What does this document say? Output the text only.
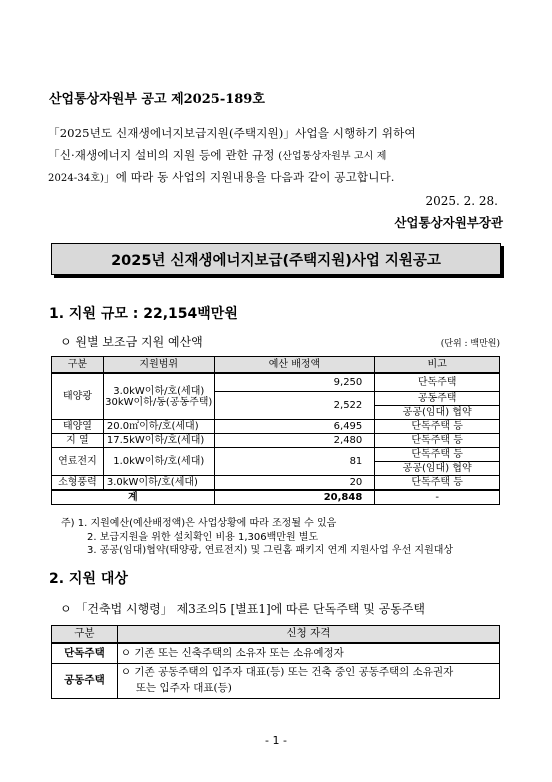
산업통상자원부 공고 제2025-189호
「2025년도 신재생에너지보급지원(주택지원)」사업을 시행하기 위하여
「신·재생에너지 설비의 지원 등에 관한 규정 (산업통상자원부 고시 제
2024-34호)」에 따라 동 사업의 지원내용을 다음과 같이 공고합니다.
2025. 2. 28.
산업통상자원부장관
2025년 신재생에너지보급(주택지원)사업 지원공고
1. 지원 규모 : 22,154백만원
ㅇ 원별 보조금 지원 예산액	(단위 : 백만원)
구분	지원범위	예산 배정액	비고
태양광	3.0kW이하/호(세대)
30kW이하/동(공동주택)	9,250	단독주택
		2,522	공동주택
			공공(임대) 협약
태양열	20.0㎡이하/호(세대)	6,495	단독주택 등
지 열	17.5kW이하/호(세대)	2,480	단독주택 등
연료전지	1.0kW이하/호(세대)	81	단독주택 등
			공공(임대) 협약
소형풍력	3.0kW이하/호(세대)	20	단독주택 등
계		20,848	-
주) 1. 지원예산(예산배정액)은 사업상황에 따라 조정될 수 있음
2. 보급지원을 위한 설치확인 비용 1,306백만원 별도
3. 공공(임대)협약(태양광, 연료전지) 및 그린홈 패키지 연계 지원사업 우선 지원대상
2. 지원 대상
ㅇ 「건축법 시행령」 제3조의5 [별표1]에 따른 단독주택 및 공동주택
구분	신청 자격
단독주택	ㅇ 기존 또는 신축주택의 소유자 또는 소유예정자
공동주택	ㅇ 기존 공동주택의 입주자 대표(등) 또는 건축 중인 공동주택의 소유권자
또는 입주자 대표(등)
- 1 -
